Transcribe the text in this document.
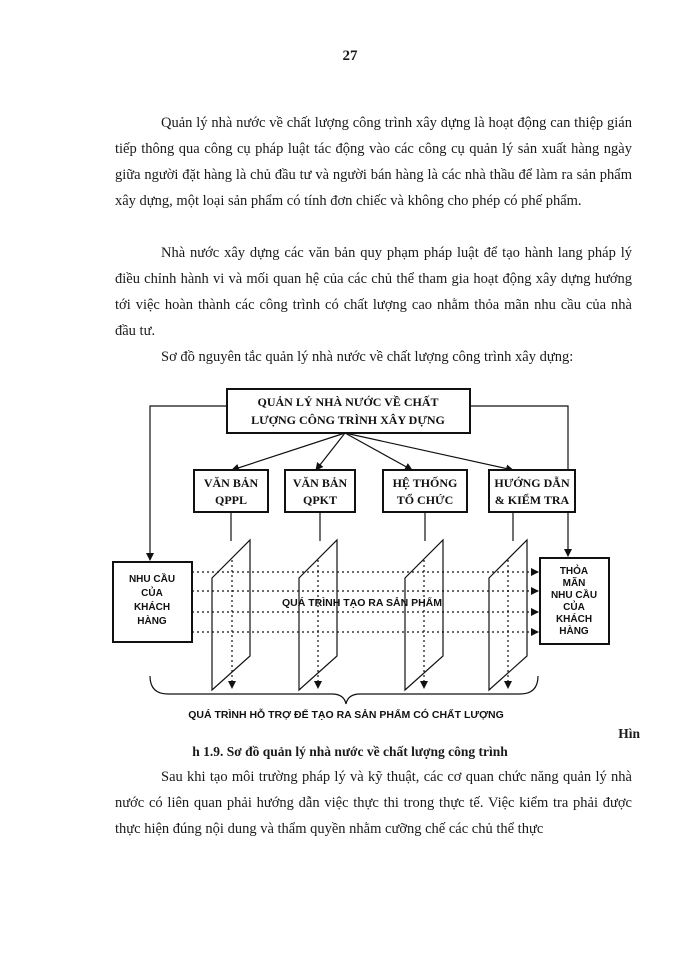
27

Quản lý nhà nước về chất lượng công trình xây dựng là hoạt động can thiệp gián tiếp thông qua công cụ pháp luật tác động vào các công cụ quản lý sản xuất hàng ngày giữa người đặt hàng là chủ đầu tư và người bán hàng là các nhà thầu để làm ra sản phẩm xây dựng, một loại sản phẩm có tính đơn chiếc và không cho phép có phế phẩm.

Nhà nước xây dựng các văn bản quy phạm pháp luật để tạo hành lang pháp lý điều chỉnh hành vi và mối quan hệ của các chủ thể tham gia hoạt động xây dựng hướng tới việc hoàn thành các công trình có chất lượng cao nhằm thỏa mãn nhu cầu của nhà đầu tư.

Sơ đồ nguyên tắc quản lý nhà nước về chất lượng công trình xây dựng:

QUẢN LÝ NHÀ NƯỚC VỀ CHẤT
LƯỢNG CÔNG TRÌNH XÂY DỰNG
VĂN BẢN
QPPL
VĂN BẢN
QPKT
HỆ THỐNG
TỔ CHỨC
HƯỚNG DẪN
& KIỂM TRA
NHU CẦU
CỦA
KHÁCH
HÀNG
THỎA
MÃN
NHU CẦU
CỦA
KHÁCH
HÀNG
QUÁ TRÌNH TẠO RA SẢN PHẨM
QUÁ TRÌNH HỖ TRỢ ĐỂ TẠO RA SẢN PHẨM CÓ CHẤT LƯỢNG
Hìn
h 1.9. Sơ đồ quản lý nhà nước về chất lượng công trình

Sau khi tạo môi trường pháp lý và kỹ thuật, các cơ quan chức năng quản lý nhà nước có liên quan phải hướng dẫn việc thực thi trong thực tế. Việc kiểm tra phải được thực hiện đúng nội dung và thẩm quyền nhằm cưỡng chế các chủ thể thực
